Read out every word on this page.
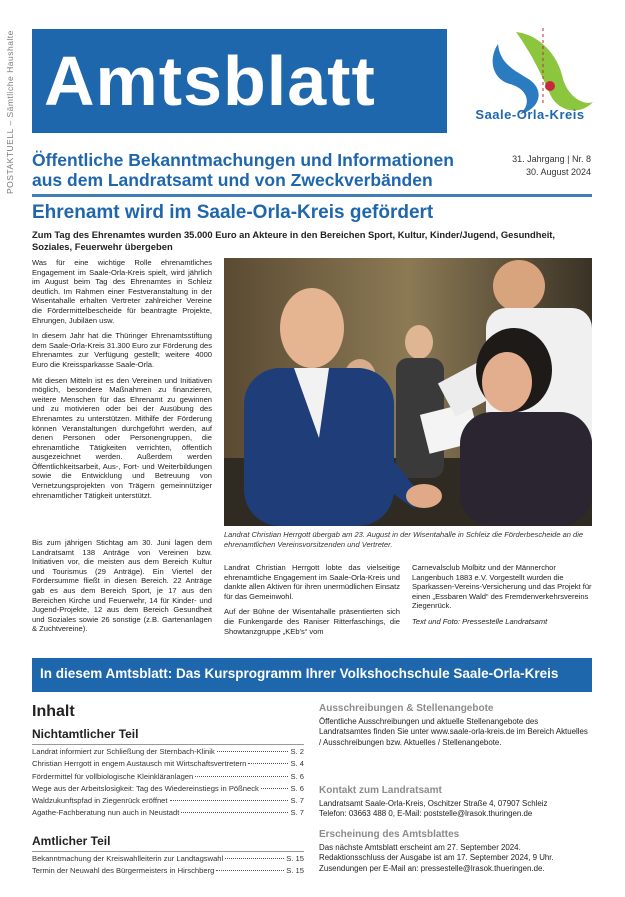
POSTAKTUELL – Sämtliche Haushalte Amtsblatt	Saale-Orla-Kreis
Öffentliche Bekanntmachungen und Informationen
aus dem Landratsamt und von Zweckverbänden
31. Jahrgang | Nr. 8
30. August 2024
Ehrenamt wird im Saale-Orla-Kreis gefördert
Zum Tag des Ehrenamtes wurden 35.000 Euro an Akteure in den Bereichen Sport, Kultur, Kinder/Jugend, Gesundheit, Soziales, Feuerwehr übergeben

Was für eine wichtige Rolle ehrenamtliches Engagement im Saale-Orla-Kreis spielt, wird jährlich im August beim Tag des Ehrenamtes in Schleiz deutlich. Im Rahmen einer Festveranstaltung in der Wisentahalle erhalten Vertreter zahlreicher Vereine die Fördermittelbescheide für beantragte Projekte, Ehrungen, Jubiläen usw.

In diesem Jahr hat die Thüringer Ehrenamtsstiftung dem Saale-Orla-Kreis 31.300 Euro zur Förderung des Ehrenamtes zur Verfügung gestellt; weitere 4000 Euro die Kreissparkasse Saale-Orla.

Mit diesen Mitteln ist es den Vereinen und Initiativen möglich, besondere Maßnahmen zu finanzieren, weitere Menschen für das Ehrenamt zu gewinnen und zu motivieren oder bei der Ausübung des Ehrenamtes zu unterstützen. Mithilfe der Förderung können Veranstaltungen durchgeführt werden, auf denen Personen oder Personengruppen, die ehrenamtliche Tätigkeiten verrichten, öffentlich ausgezeichnet werden. Außerdem werden Öffentlichkeitsarbeit, Aus-, Fort- und Weiterbildungen sowie die Entwicklung und Betreuung von Vernetzungsprojekten von Trägern gemeinnütziger ehrenamtlicher Tätigkeit unterstützt.

Bis zum jährigen Stichtag am 30. Juni lagen dem Landratsamt 138 Anträge von Vereinen bzw. Initiativen vor, die meisten aus dem Bereich Kultur und Tourismus (29 Anträge). Ein Viertel der Fördersumme fließt in diesen Bereich. 22 Anträge gab es aus dem Bereich Sport, je 17 aus den Bereichen Kirche und Feuerwehr, 14 für Kinder- und Jugend-Projekte, 12 aus dem Bereich Gesundheit und Soziales sowie 26 sonstige (z.B. Gartenanlagen & Zuchtvereine).

Landrat Christian Herrgott übergab am 23. August in der Wisentahalle in Schleiz die Förderbescheide an die ehrenamtlichen Vereinsvorsitzenden und Vertreter.

Landrat Christian Herrgott lobte das vielseitige ehrenamtliche Engagement im Saale-Orla-Kreis und dankte allen Aktiven für ihren unermüdlichen Einsatz für das Gemeinwohl.

Auf der Bühne der Wisentahalle präsentierten sich die Funkengarde des Raniser Ritterfaschings, die Showtanzgruppe „KEb's“ vom

Carnevalsclub Molbitz und der Männerchor Langenbuch 1883 e.V. Vorgestellt wurden die Sparkassen-Vereins-Versicherung und das Projekt für einen „Essbaren Wald“ des Fremdenverkehrsvereins Ziegenrück.

Text und Foto: Pressestelle Landratsamt

In diesem Amtsblatt: Das Kursprogramm Ihrer Volkshochschule Saale-Orla-Kreis
Inhalt
Nichtamtlicher Teil
Landrat informiert zur Schließung der Sternbach-Klinik	S. 2
Christian Herrgott in engem Austausch mit Wirtschaftsvertretern	S. 4
Fördermittel für vollbiologische Kleinkläranlagen	S. 6
Wege aus der Arbeitslosigkeit: Tag des Wiedereinstiegs in Pößneck	S. 6
Waldzukunftspfad in Ziegenrück eröffnet	S. 7
Agathe-Fachberatung nun auch in Neustadt	S. 7
Amtlicher Teil
Bekanntmachung der Kreiswahlleiterin zur Landtagswahl	S. 15
Termin der Neuwahl des Bürgermeisters in Hirschberg	S. 15
Ausschreibungen & Stellenangebote
Öffentliche Ausschreibungen und aktuelle Stellenangebote des Landratsamtes finden Sie unter www.saale-orla-kreis.de im Bereich Aktuelles / Ausschreibungen bzw. Aktuelles / Stellenangebote.
Kontakt zum Landratsamt
Landratsamt Saale-Orla-Kreis, Oschitzer Straße 4, 07907 Schleiz
Telefon: 03663 488 0, E-Mail: poststelle@lrasok.thuringen.de
Erscheinung des Amtsblattes
Das nächste Amtsblatt erscheint am 27. September 2024.
Redaktionsschluss der Ausgabe ist am 17. September 2024, 9 Uhr.
Zusendungen per E-Mail an: pressestelle@lrasok.thueringen.de.
